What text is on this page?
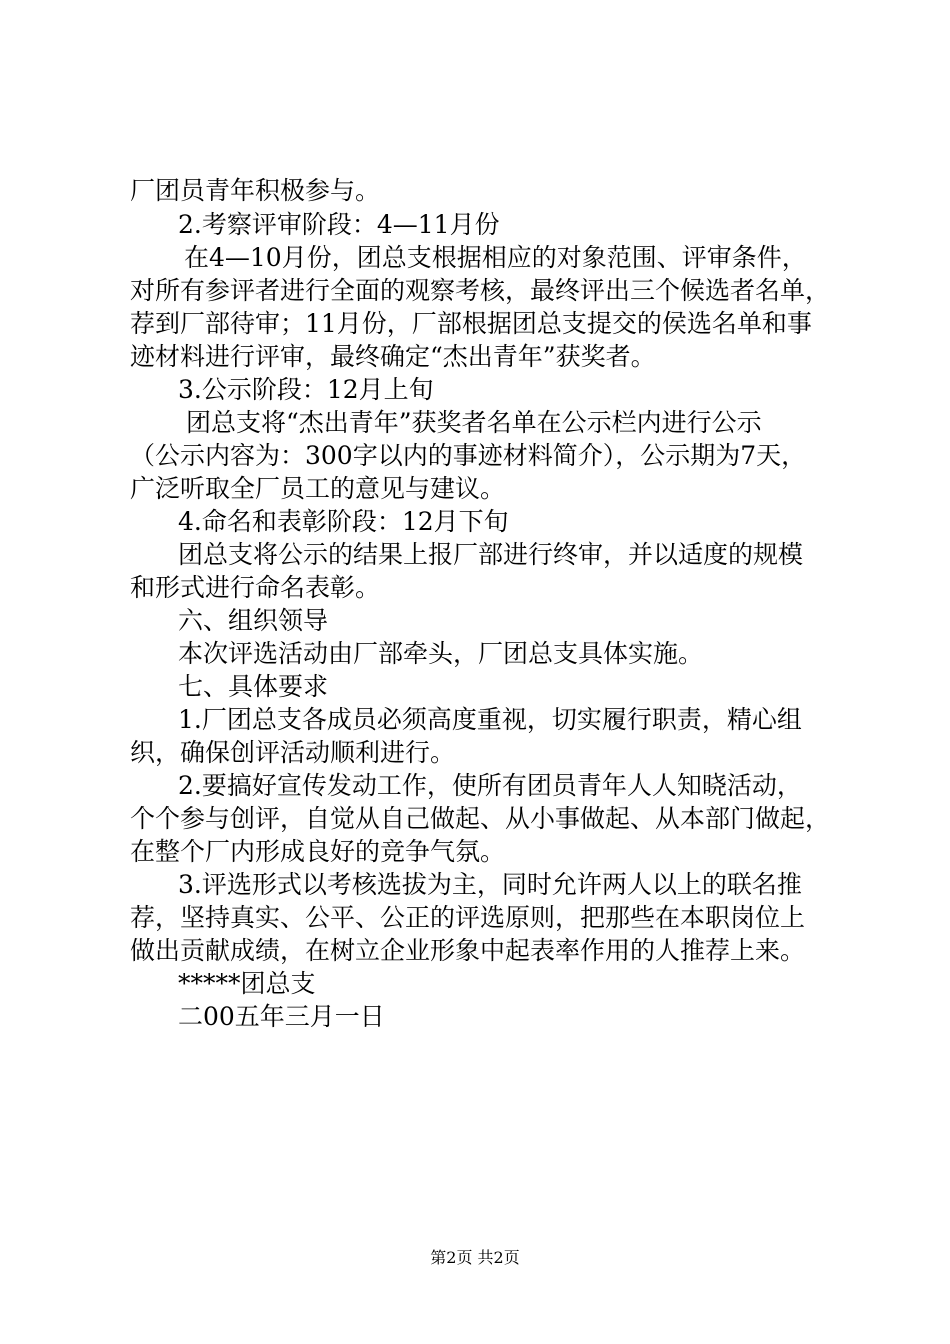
厂团员青年积极参与。
2.考察评审阶段：4—11月份
在4—10月份，团总支根据相应的对象范围、评审条件，
对所有参评者进行全面的观察考核，最终评出三个候选者名单，
荐到厂部待审；11月份，厂部根据团总支提交的侯选名单和事
迹材料进行评审，最终确定“杰出青年”获奖者。
3.公示阶段：12月上旬
团总支将“杰出青年”获奖者名单在公示栏内进行公示
（公示内容为：300字以内的事迹材料简介），公示期为7天，
广泛听取全厂员工的意见与建议。
4.命名和表彰阶段：12月下旬
团总支将公示的结果上报厂部进行终审，并以适度的规模
和形式进行命名表彰。
六、组织领导
本次评选活动由厂部牵头，厂团总支具体实施。
七、具体要求
1.厂团总支各成员必须高度重视，切实履行职责，精心组
织，确保创评活动顺利进行。
2.要搞好宣传发动工作，使所有团员青年人人知晓活动，
个个参与创评，自觉从自己做起、从小事做起、从本部门做起，
在整个厂内形成良好的竞争气氛。
3.评选形式以考核选拔为主，同时允许两人以上的联名推
荐，坚持真实、公平、公正的评选原则，把那些在本职岗位上
做出贡献成绩，在树立企业形象中起表率作用的人推荐上来。
*****团总支
二00五年三月一日
第2页 共2页
